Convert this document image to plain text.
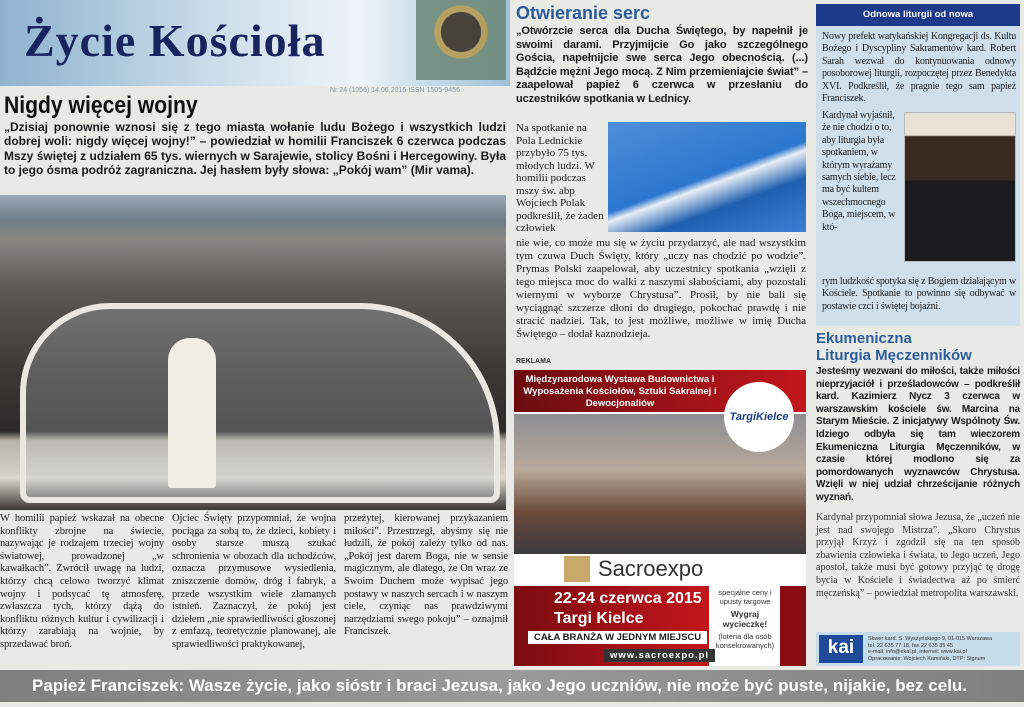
Życie Kościoła
Nr 24 (1056) 14.06.2015 ISSN 1505-9456
Nigdy więcej wojny
„Dzisiaj ponownie wznosi się z tego miasta wołanie ludu Bożego i wszystkich ludzi dobrej woli: nigdy więcej wojny!” – powiedział w homilii Franciszek 6 czerwca podczas Mszy świętej z udziałem 65 tys. wiernych w Sarajewie, stolicy Bośni i Hercegowiny. Była to jego ósma podróż zagraniczna. Jej hasłem były słowa: „Pokój wam” (Mir vama).

W homilii papież wskazał na obecne konflikty zbrojne na świecie, nazywając je rodzajem trzeciej wojny światowej, prowadzonej „w kawałkach”. Zwrócił uwagę na ludzi, którzy chcą celowo tworzyć klimat wojny i podsycać tę atmosferę, zwłaszcza tych, którzy dążą do konfliktu różnych kultur i cywilizacji i którzy zarabiają na wojnie, by sprzedawać broń.

Ojciec Święty przypomniał, że wojna pociąga za sobą to, że dzieci, kobiety i osoby starsze muszą szukać schronienia w obozach dla uchodźców, oznacza przymusowe wysiedlenia, zniszczenie domów, dróg i fabryk, a przede wszystkim wiele złamanych istnień. Zaznaczył, że pokój jest dziełem „nie sprawiedliwości głoszonej z emfazą, teoretycznie planowanej, ale sprawiedliwości praktykowanej,

przeżytej, kierowanej przykazaniem miłości”. Przestrzegł, abyśmy się nie łudzili, że pokój zależy tylko od nas. „Pokój jest darem Boga, nie w sensie magicznym, ale dlatego, że On wraz ze Swoim Duchem może wypisać jego postawy w naszych sercach i w naszym ciele, czyniąc nas prawdziwymi narzędziami swego pokoju” – oznajmił Franciszek.

Otwieranie serc
„Otwórzcie serca dla Ducha Świętego, by napełnił je swoimi darami. Przyjmijcie Go jako szczególnego Gościa, napełnijcie swe serca Jego obecnością. (...) Bądźcie mężni Jego mocą. Z Nim przemieniajcie świat” – zaapelował papież 6 czerwca w przesłaniu do uczestników spotkania w Lednicy.
Na spotkanie na Pola Lednickie przybyło 75 tys. młodych ludzi. W homilii podczas mszy św. abp Wojciech Polak podkreślił, że żaden człowiek
nie wie, co może mu się w życiu przydarzyć, ale nad wszystkim tym czuwa Duch Święty, który „uczy nas chodzić po wodzie”. Prymas Polski zaapelował, aby uczestnicy spotkania „wzięli z tego miejsca moc do walki z naszymi słabościami, aby pozostali wiernymi w wyborze Chrystusa”. Prosił, by nie bali się wyciągnąć szczerze dłoni do drugiego, pokochać prawdę i nie stracić nadziei. Tak, to jest możliwe, możliwe w imię Ducha Świętego – dodał kaznodzieja.
REKLAMA
Międzynarodowa Wystawa Budownictwa i Wyposażenia Kościołów, Sztuki Sakralnej i Dewocjonaliów
TargiKielce
Sacroexpo
22-24 czerwca 2015
Targi Kielce
CAŁA BRANŻA W JEDNYM MIEJSCU
www.sacroexpo.pl
specjalne ceny i upusty targowe
Wygraj wycieczkę!
(loteria dla osób konsekrowanych)
Odnowa liturgii od nowa
Nowy prefekt watykańskiej Kongregacji ds. Kultu Bożego i Dyscypliny Sakramentów kard. Robert Sarah wezwał do kontynuowania odnowy posoborowej liturgii, rozpoczętej przez Benedykta XVI. Podkreślił, że pragnie tego sam papież Franciszek.
Kardynał wyjaśnił, że nie chodzi o to, aby liturgia była spotkaniem, w którym wyrażamy samych siebie, lecz ma być kultem wszechmocnego Boga, miejscem, w któ-
rym ludzkość spotyka się z Bogiem działającym w Kościele. Spotkanie to powinno się odbywać w postawie czci i świętej bojaźni.
Ekumeniczna
Liturgia Męczenników
Jesteśmy wezwani do miłości, także miłości nieprzyjaciół i prześladowców – podkreślił kard. Kazimierz Nycz 3 czerwca w warszawskim kościele św. Marcina na Starym Mieście. Z inicjatywy Wspólnoty Św. Idziego odbyła się tam wieczorem Ekumeniczna Liturgia Męczenników, w czasie której modlono się za pomordowanych wyznawców Chrystusa. Wzięli w niej udział chrześcijanie różnych wyznań.
Kardynał przypomniał słowa Jezusa, że „uczeń nie jest nad swojego Mistrza”. „Skoro Chrystus przyjął Krzyż i zgodził się na ten sposób zbawienia człowieka i świata, to Jego uczeń, Jego apostoł, także musi być gotowy przyjąć tę drogę bycia w Kościele i świadectwa aż po śmierć męczeńską” – powiedział metropolita warszawski.
kai	Skwer kard. S. Wyszyńskiego 9, 01-015 Warszawa
tel. 22 635 77 18, fax 22 635 35 45
e-mail: info@ekai.pl, internet: www.kai.pl
Opracowanie: Wojciech Kamiński, DTP: Signum
Papież Franciszek: Wasze życie, jako sióstr i braci Jezusa, jako Jego uczniów, nie może być puste, nijakie, bez celu.
